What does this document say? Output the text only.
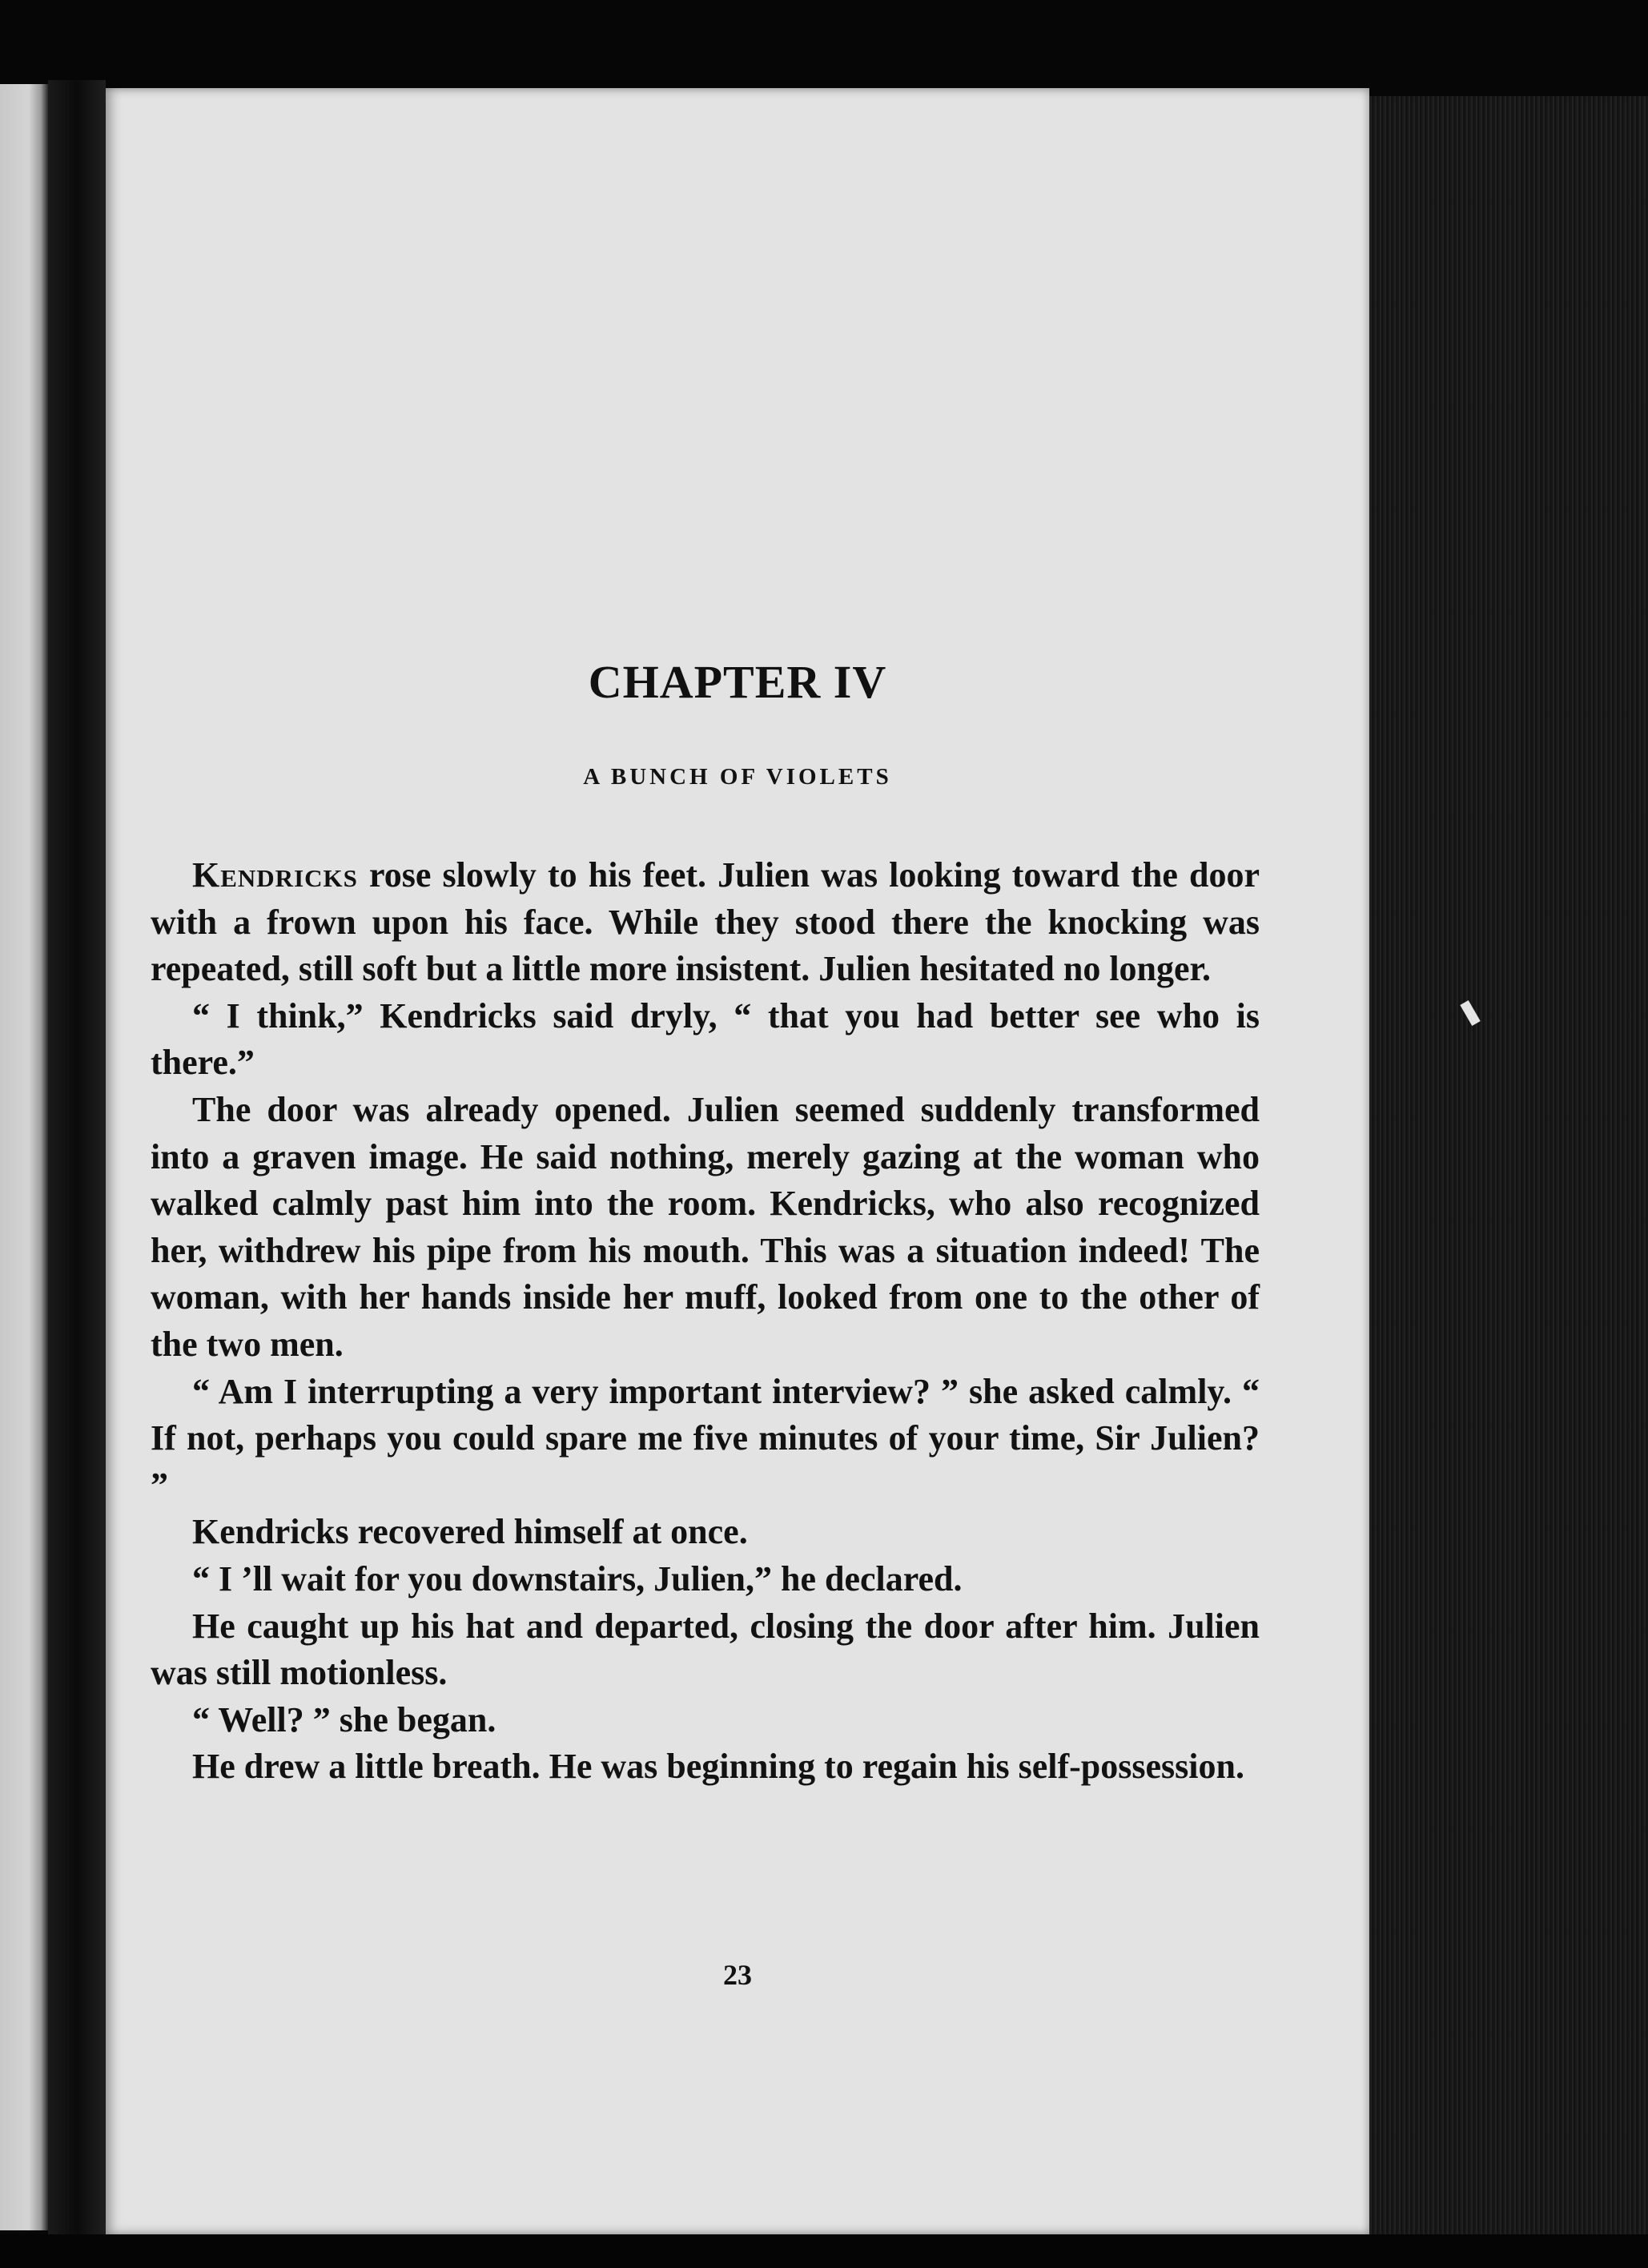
CHAPTER IV
A BUNCH OF VIOLETS

Kendricks rose slowly to his feet. Julien was looking toward the door with a frown upon his face. While they stood there the knocking was repeated, still soft but a little more insistent. Julien hesitated no longer.

“ I think,” Kendricks said dryly, “ that you had better see who is there.”

The door was already opened. Julien seemed suddenly transformed into a graven image. He said nothing, merely gazing at the woman who walked calmly past him into the room. Kendricks, who also recognized her, withdrew his pipe from his mouth. This was a situation indeed! The woman, with her hands inside her muff, looked from one to the other of the two men.

“ Am I interrupting a very important interview? ” she asked calmly. “ If not, perhaps you could spare me five minutes of your time, Sir Julien? ”

Kendricks recovered himself at once.

“ I ’ll wait for you downstairs, Julien,” he declared.

He caught up his hat and departed, closing the door after him. Julien was still motionless.

“ Well? ” she began.

He drew a little breath. He was beginning to regain his self-possession.

23
